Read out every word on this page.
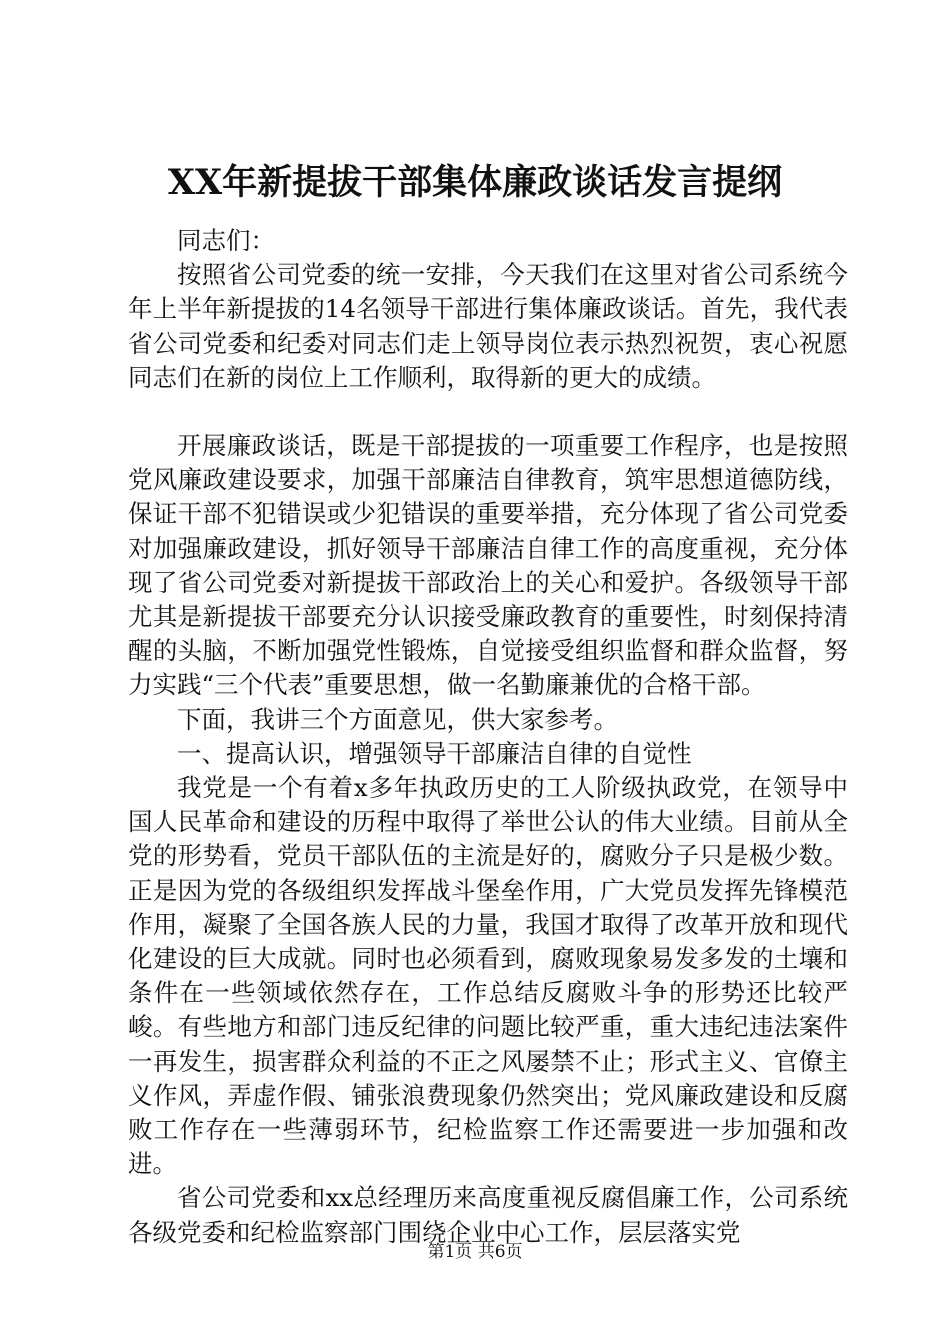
XX年新提拔干部集体廉政谈话发言提纲

同志们：

按照省公司党委的统一安排，今天我们在这里对省公司系统今年上半年新提拔的14名领导干部进行集体廉政谈话。首先，我代表省公司党委和纪委对同志们走上领导岗位表示热烈祝贺，衷心祝愿同志们在新的岗位上工作顺利，取得新的更大的成绩。

开展廉政谈话，既是干部提拔的一项重要工作程序，也是按照党风廉政建设要求，加强干部廉洁自律教育，筑牢思想道德防线，保证干部不犯错误或少犯错误的重要举措，充分体现了省公司党委对加强廉政建设，抓好领导干部廉洁自律工作的高度重视，充分体现了省公司党委对新提拔干部政治上的关心和爱护。各级领导干部尤其是新提拔干部要充分认识接受廉政教育的重要性，时刻保持清醒的头脑，不断加强党性锻炼，自觉接受组织监督和群众监督，努力实践“三个代表”重要思想，做一名勤廉兼优的合格干部。

下面，我讲三个方面意见，供大家参考。

一、提高认识，增强领导干部廉洁自律的自觉性

我党是一个有着x多年执政历史的工人阶级执政党，在领导中国人民革命和建设的历程中取得了举世公认的伟大业绩。目前从全党的形势看，党员干部队伍的主流是好的，腐败分子只是极少数。正是因为党的各级组织发挥战斗堡垒作用，广大党员发挥先锋模范作用，凝聚了全国各族人民的力量，我国才取得了改革开放和现代化建设的巨大成就。同时也必须看到，腐败现象易发多发的土壤和条件在一些领域依然存在，工作总结反腐败斗争的形势还比较严峻。有些地方和部门违反纪律的问题比较严重，重大违纪违法案件一再发生，损害群众利益的不正之风屡禁不止；形式主义、官僚主义作风，弄虚作假、铺张浪费现象仍然突出；党风廉政建设和反腐败工作存在一些薄弱环节，纪检监察工作还需要进一步加强和改进。

省公司党委和xx总经理历来高度重视反腐倡廉工作，公司系统各级党委和纪检监察部门围绕企业中心工作，层层落实党

第1页 共6页
